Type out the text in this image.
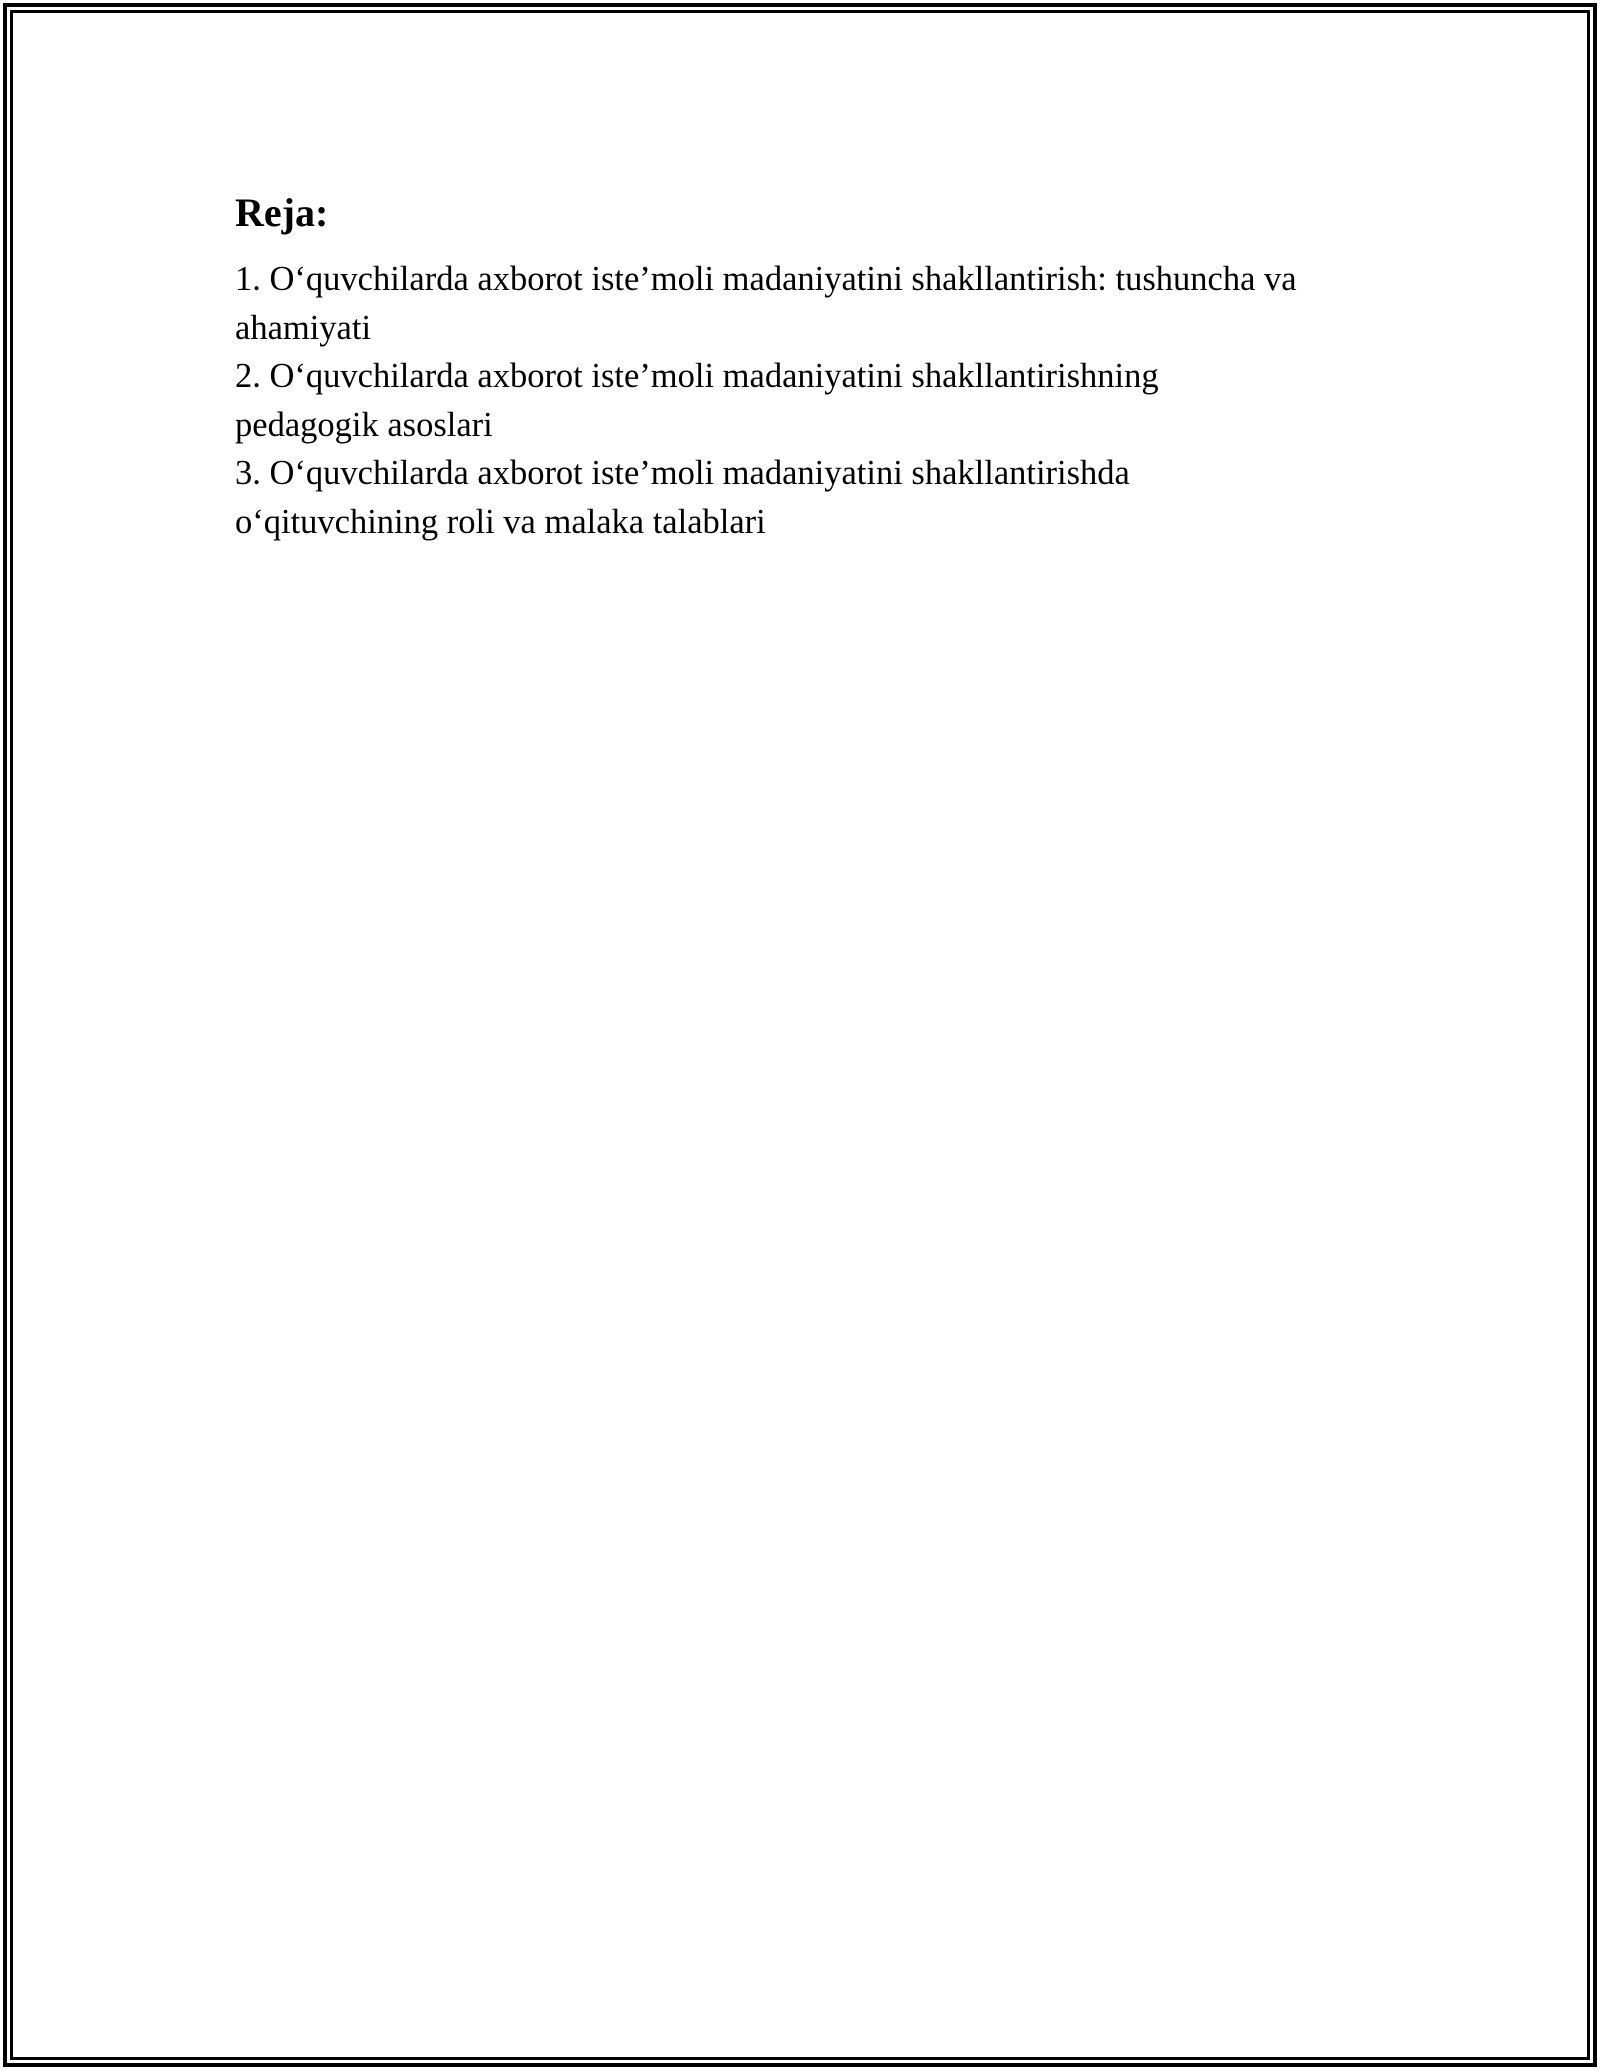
Reja:
1. O‘quvchilarda axborot iste’moli madaniyatini shakllantirish: tushuncha va
ahamiyati
2. O‘quvchilarda axborot iste’moli madaniyatini shakllantirishning
pedagogik asoslari
3. O‘quvchilarda axborot iste’moli madaniyatini shakllantirishda
o‘qituvchining roli va malaka talablari
